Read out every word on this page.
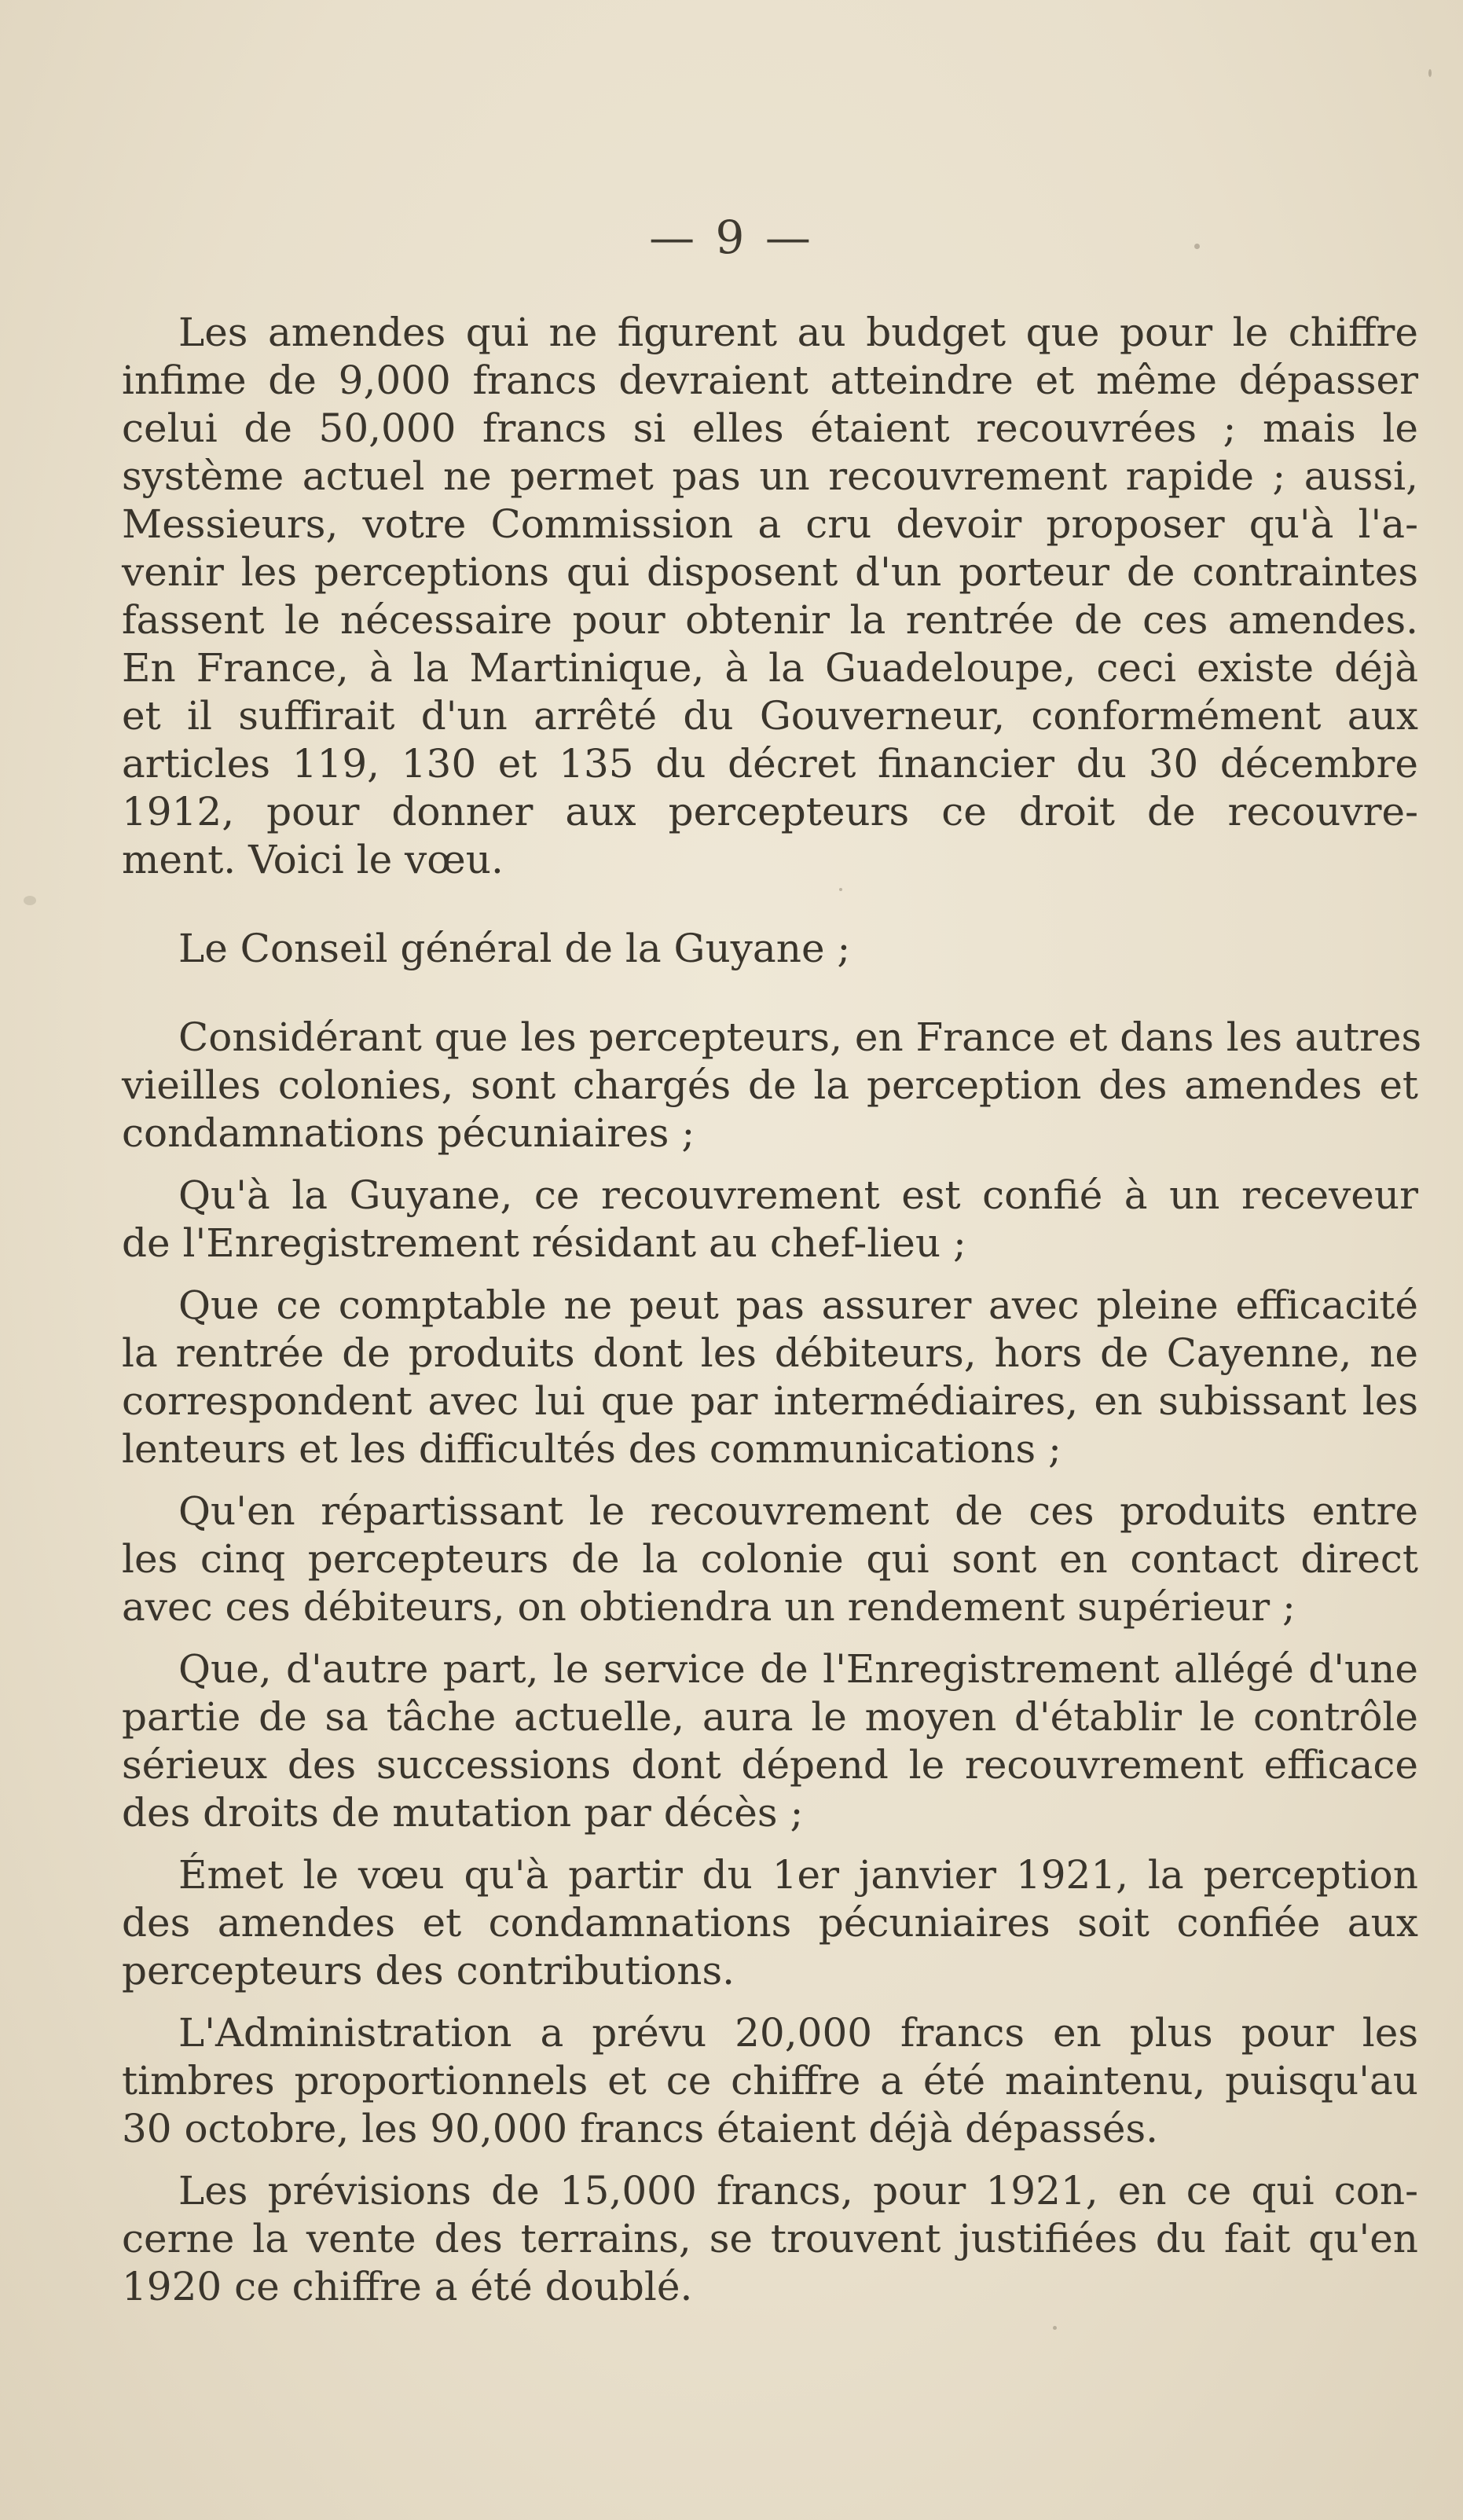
— 9 —
Les amendes qui ne figurent au budget que pour le chiffre
infime de 9,000 francs devraient atteindre et même dépasser
celui de 50,000 francs si elles étaient recouvrées ; mais le
système actuel ne permet pas un recouvrement rapide ; aussi,
Messieurs, votre Commission a cru devoir proposer qu'à l'a-
venir les perceptions qui disposent d'un porteur de contraintes
fassent le nécessaire pour obtenir la rentrée de ces amendes.
En France, à la Martinique, à la Guadeloupe, ceci existe déjà
et il suffirait d'un arrêté du Gouverneur, conformément aux
articles 119, 130 et 135 du décret financier du 30 décembre
1912, pour donner aux percepteurs ce droit de recouvre-
ment. Voici le vœu.
Le Conseil général de la Guyane ;
Considérant que les percepteurs, en France et dans les autres
vieilles colonies, sont chargés de la perception des amendes et
condamnations pécuniaires ;
Qu'à la Guyane, ce recouvrement est confié à un receveur
de l'Enregistrement résidant au chef-lieu ;
Que ce comptable ne peut pas assurer avec pleine efficacité
la rentrée de produits dont les débiteurs, hors de Cayenne, ne
correspondent avec lui que par intermédiaires, en subissant les
lenteurs et les difficultés des communications ;
Qu'en répartissant le recouvrement de ces produits entre
les cinq percepteurs de la colonie qui sont en contact direct
avec ces débiteurs, on obtiendra un rendement supérieur ;
Que, d'autre part, le service de l'Enregistrement allégé d'une
partie de sa tâche actuelle, aura le moyen d'établir le contrôle
sérieux des successions dont dépend le recouvrement efficace
des droits de mutation par décès ;
Émet le vœu qu'à partir du 1er janvier 1921, la perception
des amendes et condamnations pécuniaires soit confiée aux
percepteurs des contributions.
L'Administration a prévu 20,000 francs en plus pour les
timbres proportionnels et ce chiffre a été maintenu, puisqu'au
30 octobre, les 90,000 francs étaient déjà dépassés.
Les prévisions de 15,000 francs, pour 1921, en ce qui con-
cerne la vente des terrains, se trouvent justifiées du fait qu'en
1920 ce chiffre a été doublé.
